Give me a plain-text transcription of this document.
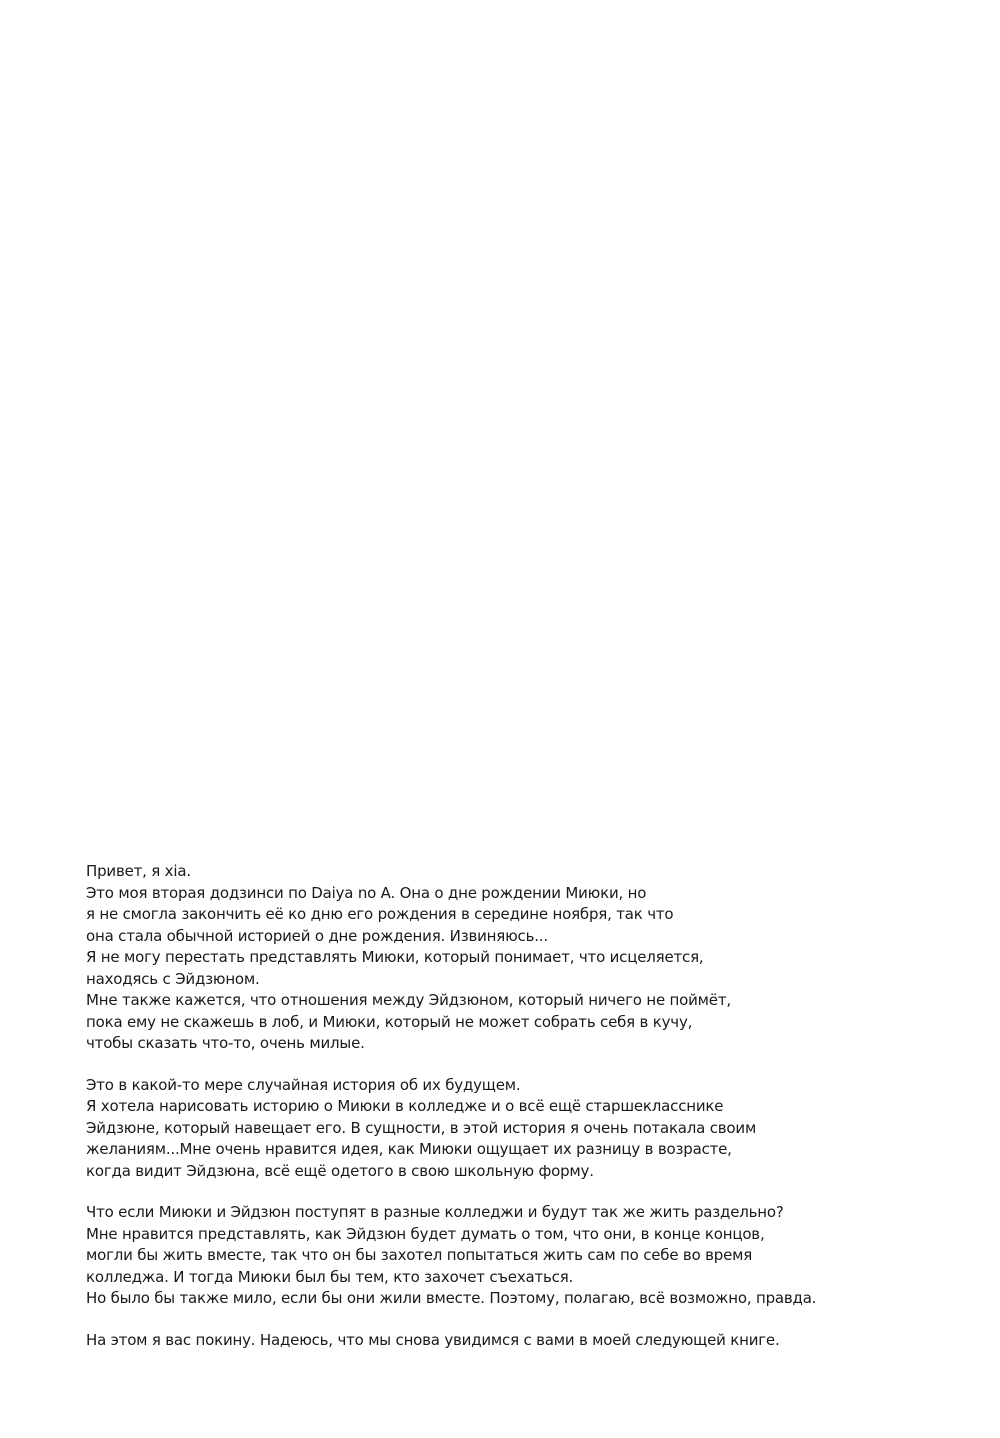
Привет, я xia.
Это моя вторая додзинси по Daiya no A. Она о дне рождении Миюки, но
я не смогла закончить её ко дню его рождения в середине ноября, так что
она стала обычной историей о дне рождения. Извиняюсь...
Я не могу перестать представлять Миюки, который понимает, что исцеляется,
находясь с Эйдзюном.
Мне также кажется, что отношения между Эйдзюном, который ничего не поймёт,
пока ему не скажешь в лоб, и Миюки, который не может собрать себя в кучу,
чтобы сказать что-то, очень милые.

Это в какой-то мере случайная история об их будущем.
Я хотела нарисовать историю о Миюки в колледже и о всё ещё старшекласснике
Эйдзюне, который навещает его. В сущности, в этой история я очень потакала своим
желаниям...Мне очень нравится идея, как Миюки ощущает их разницу в возрасте,
когда видит Эйдзюна, всё ещё одетого в свою школьную форму.

Что если Миюки и Эйдзюн поступят в разные колледжи и будут так же жить раздельно?
Мне нравится представлять, как Эйдзюн будет думать о том, что они, в конце концов,
могли бы жить вместе, так что он бы захотел попытаться жить сам по себе во время
колледжа. И тогда Миюки был бы тем, кто захочет съехаться.
Но было бы также мило, если бы они жили вместе. Поэтому, полагаю, всё возможно, правда.

На этом я вас покину. Надеюсь, что мы снова увидимся с вами в моей следующей книге.
